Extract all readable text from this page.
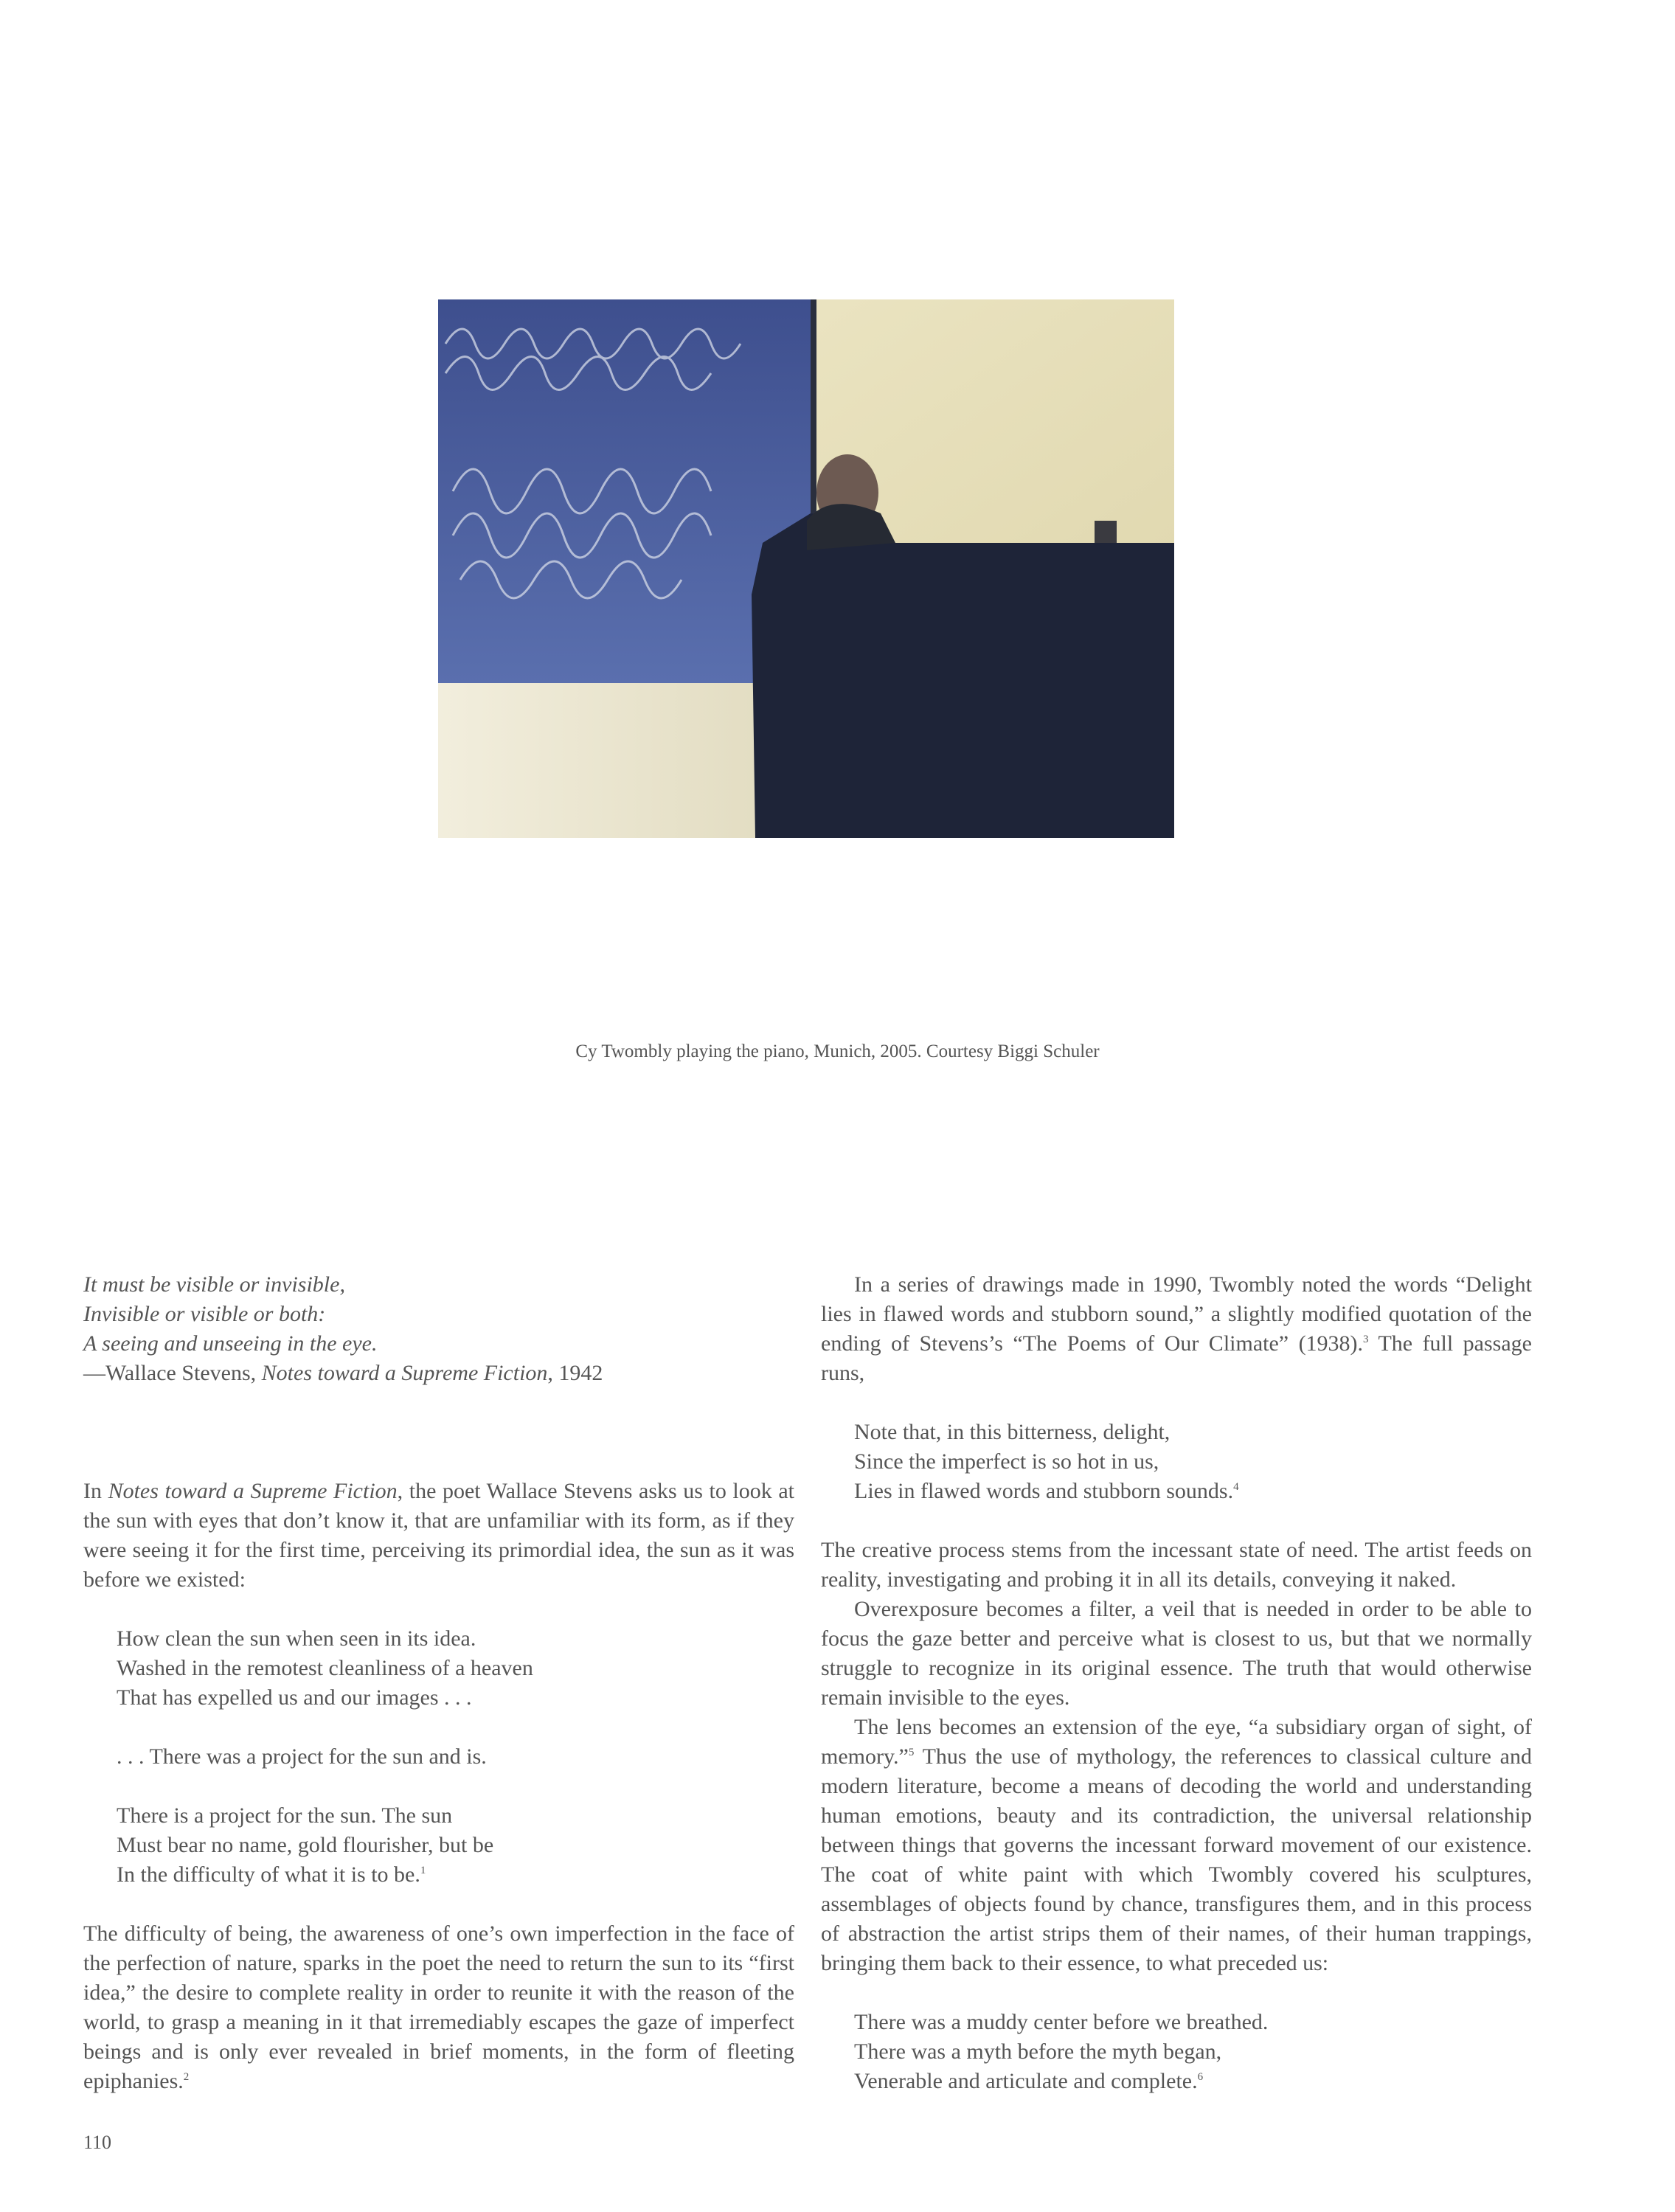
Cy Twombly playing the piano, Munich, 2005. Courtesy Biggi Schuler
It must be visible or invisible,
Invisible or visible or both:
A seeing and unseeing in the eye.
—Wallace Stevens, Notes toward a Supreme Fiction, 1942

In Notes toward a Supreme Fiction, the poet Wallace Stevens asks us to look at the sun with eyes that don’t know it, that are unfamiliar with its form, as if they were seeing it for the first time, perceiving its primordial idea, the sun as it was before we existed:

How clean the sun when seen in its idea.
Washed in the remotest cleanliness of a heaven
That has expelled us and our images . . .
. . . There was a project for the sun and is.
There is a project for the sun. The sun
Must bear no name, gold flourisher, but be
In the difficulty of what it is to be.$^1$

The difficulty of being, the awareness of one’s own imperfection in the face of the perfection of nature, sparks in the poet the need to return the sun to its “first idea,” the desire to complete reality in order to reunite it with the reason of the world, to grasp a meaning in it that irremediably escapes the gaze of imperfect beings and is only ever revealed in brief moments, in the form of fleeting epiphanies.$^2$

In a series of drawings made in 1990, Twombly noted the words “Delight lies in flawed words and stubborn sound,” a slightly modified quotation of the ending of Stevens’s “The Poems of Our Climate” (1938).$^3$ The full passage runs,

Note that, in this bitterness, delight,
Since the imperfect is so hot in us,
Lies in flawed words and stubborn sounds.$^4$

The creative process stems from the incessant state of need. The artist feeds on reality, investigating and probing it in all its details, conveying it naked.

Overexposure becomes a filter, a veil that is needed in order to be able to focus the gaze better and perceive what is closest to us, but that we normally struggle to recognize in its original essence. The truth that would otherwise remain invisible to the eyes.

The lens becomes an extension of the eye, “a subsidiary organ of sight, of memory.”$^5$ Thus the use of mythology, the references to classical culture and modern literature, become a means of decoding the world and understanding human emotions, beauty and its contradiction, the universal relationship between things that governs the incessant forward movement of our existence. The coat of white paint with which Twombly covered his sculptures, assemblages of objects found by chance, transfigures them, and in this process of abstraction the artist strips them of their names, of their human trappings, bringing them back to their essence, to what preceded us:

There was a muddy center before we breathed.
There was a myth before the myth began,
Venerable and articulate and complete.$^6$
110
